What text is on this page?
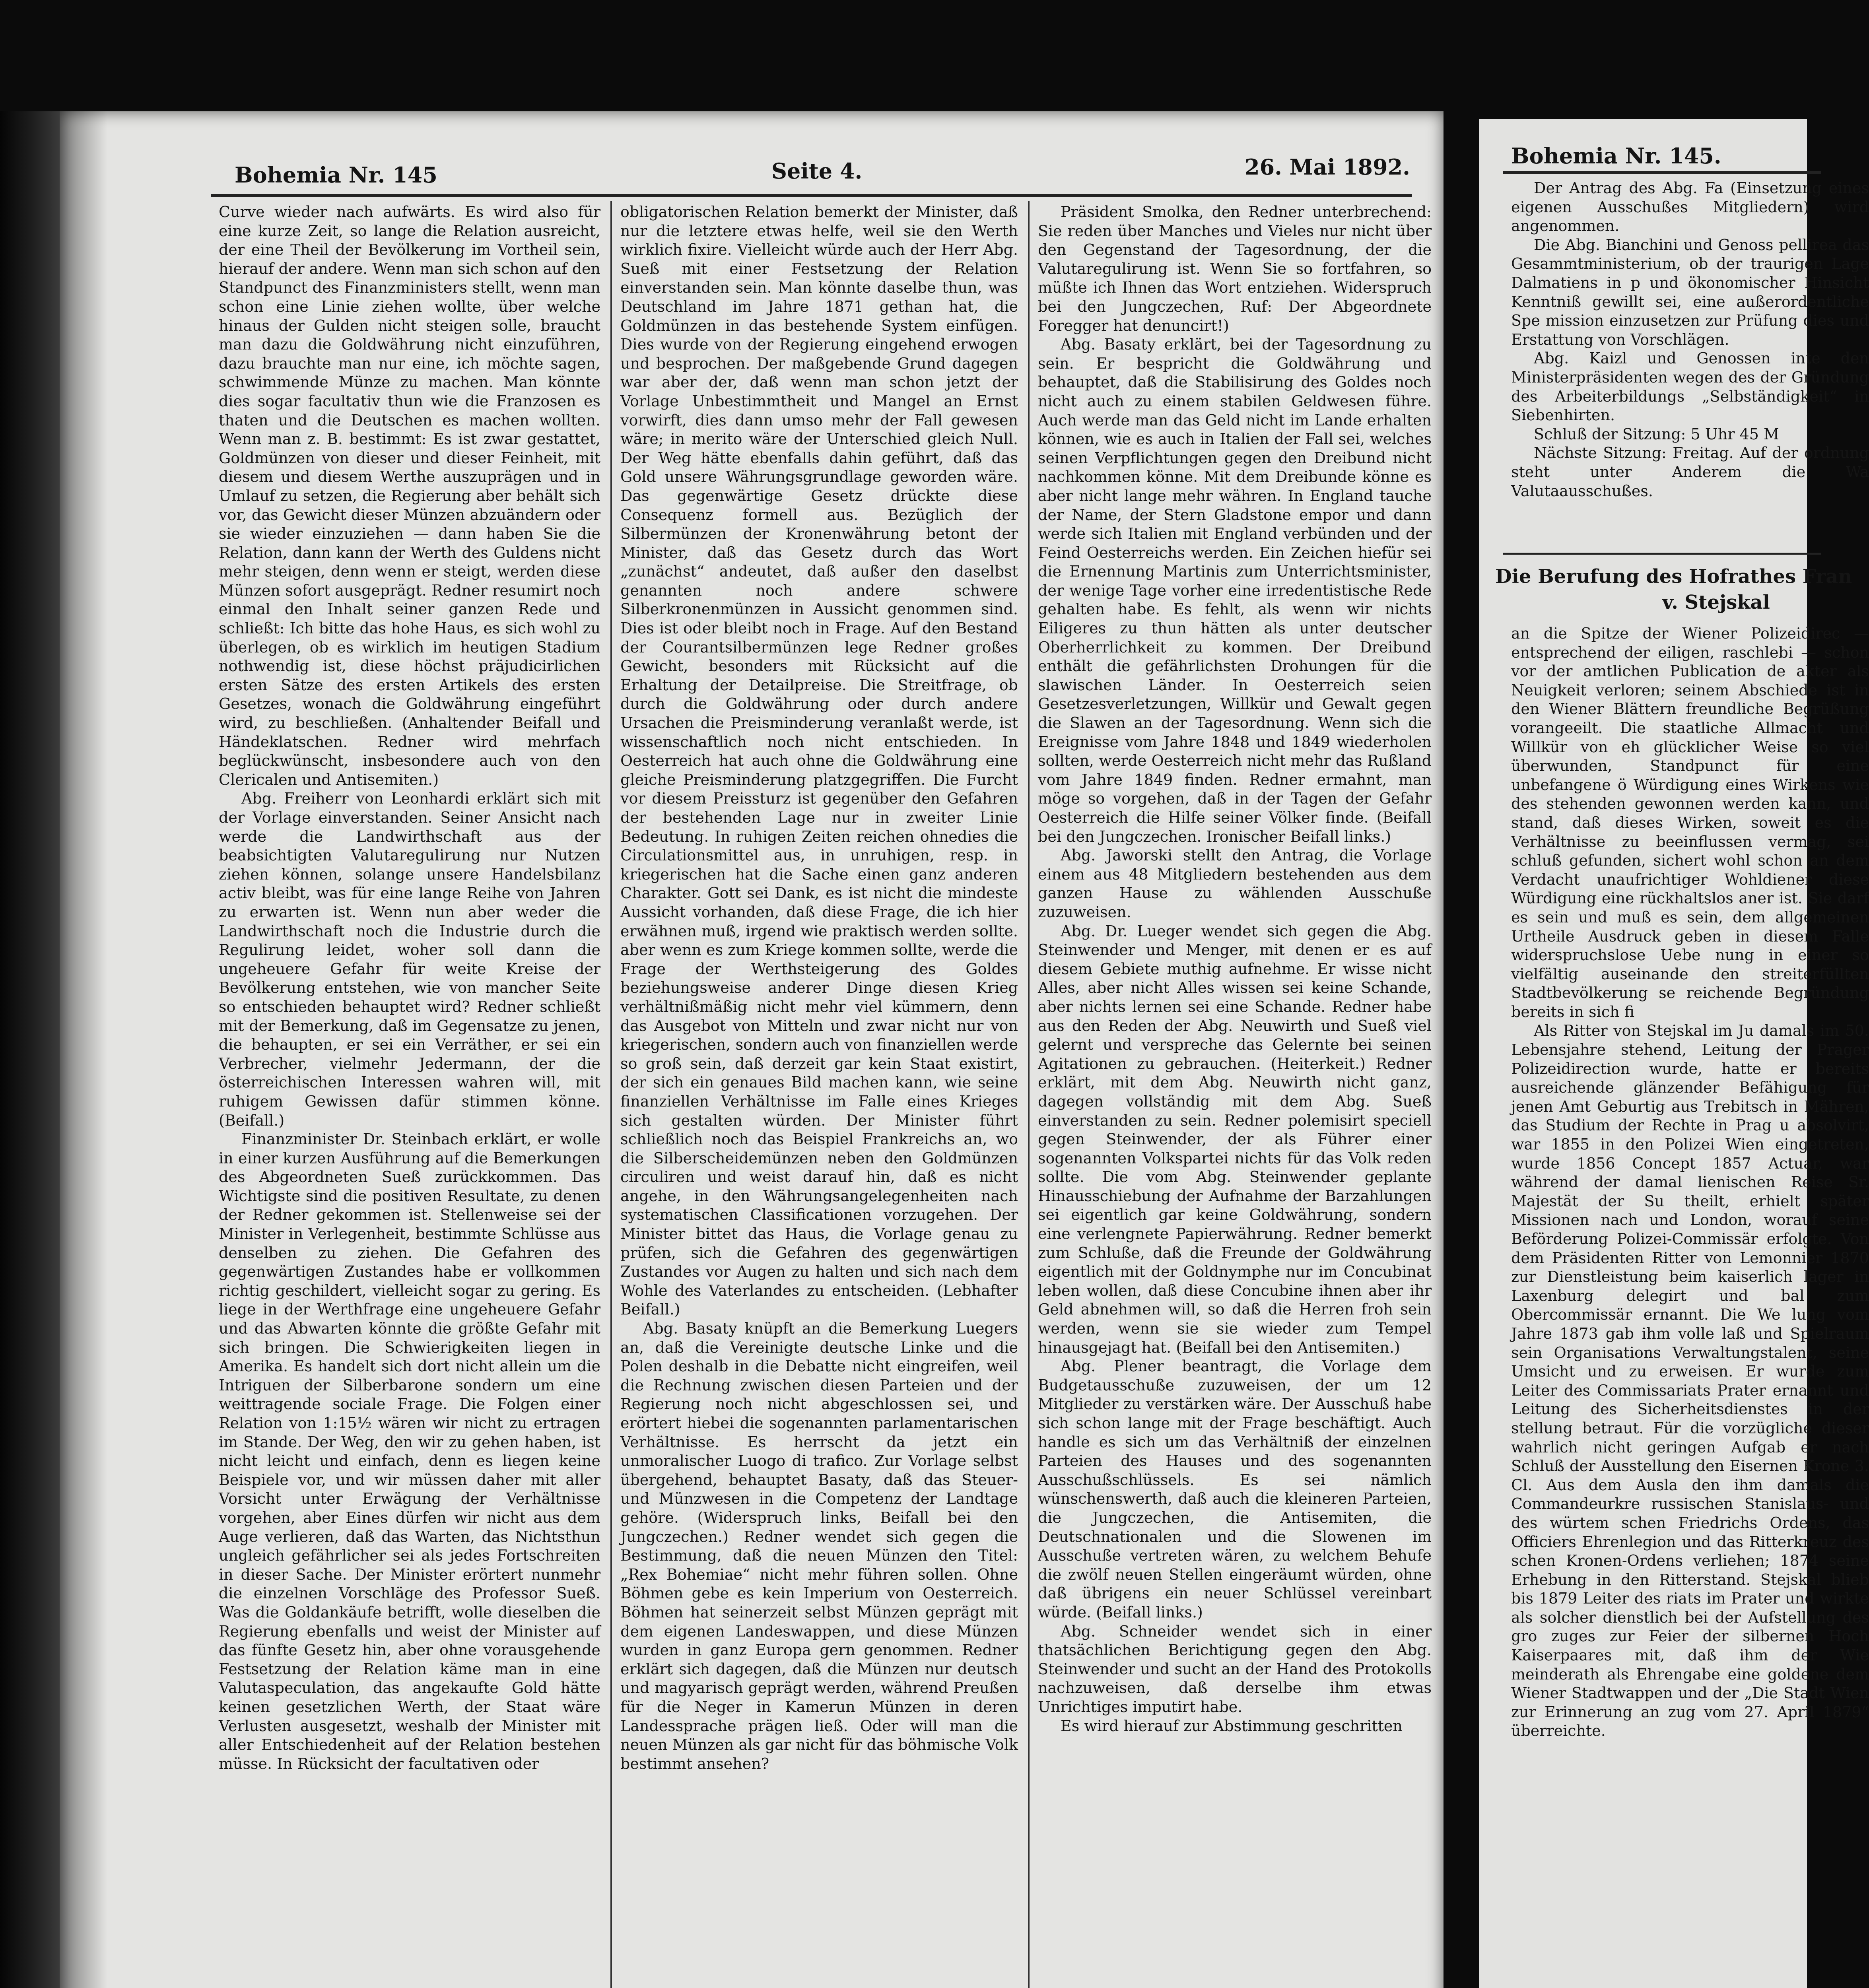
Bohemia Nr. 145	Seite 4.	26. Mai 1892.

Curve wieder nach aufwärts. Es wird also für eine kurze Zeit, so lange die Relation ausreicht, der eine Theil der Bevölkerung im Vortheil sein, hierauf der andere. Wenn man sich schon auf den Standpunct des Finanzministers stellt, wenn man schon eine Linie ziehen wollte, über welche hinaus der Gulden nicht steigen solle, braucht man dazu die Goldwährung nicht einzuführen, dazu brauchte man nur eine, ich möchte sagen, schwimmende Münze zu machen. Man könnte dies sogar facultativ thun wie die Franzosen es thaten und die Deutschen es machen wollten. Wenn man z. B. bestimmt: Es ist zwar gestattet, Goldmünzen von dieser und dieser Feinheit, mit diesem und diesem Werthe auszuprägen und in Umlauf zu setzen, die Regierung aber behält sich vor, das Gewicht dieser Münzen abzuändern oder sie wieder einzuziehen — dann haben Sie die Relation, dann kann der Werth des Guldens nicht mehr steigen, denn wenn er steigt, werden diese Münzen sofort ausgeprägt. Redner resumirt noch einmal den Inhalt seiner ganzen Rede und schließt: Ich bitte das hohe Haus, es sich wohl zu überlegen, ob es wirklich im heutigen Stadium nothwendig ist, diese höchst präjudicirlichen ersten Sätze des ersten Artikels des ersten Gesetzes, wonach die Goldwährung eingeführt wird, zu beschließen. (Anhaltender Beifall und Händeklatschen. Redner wird mehrfach beglückwünscht, insbesondere auch von den Clericalen und Antisemiten.)

Abg. Freiherr von Leonhardi erklärt sich mit der Vorlage einverstanden. Seiner Ansicht nach werde die Landwirthschaft aus der beabsichtigten Valutaregulirung nur Nutzen ziehen können, solange unsere Handelsbilanz activ bleibt, was für eine lange Reihe von Jahren zu erwarten ist. Wenn nun aber weder die Landwirthschaft noch die Industrie durch die Regulirung leidet, woher soll dann die ungeheuere Gefahr für weite Kreise der Bevölkerung entstehen, wie von mancher Seite so entschieden behauptet wird? Redner schließt mit der Bemerkung, daß im Gegensatze zu jenen, die behaupten, er sei ein Verräther, er sei ein Verbrecher, vielmehr Jedermann, der die österreichischen Interessen wahren will, mit ruhigem Gewissen dafür stimmen könne. (Beifall.)

Finanzminister Dr. Steinbach erklärt, er wolle in einer kurzen Ausführung auf die Bemerkungen des Abgeordneten Sueß zurückkommen. Das Wichtigste sind die positiven Resultate, zu denen der Redner gekommen ist. Stellenweise sei der Minister in Verlegenheit, bestimmte Schlüsse aus denselben zu ziehen. Die Gefahren des gegenwärtigen Zustandes habe er vollkommen richtig geschildert, vielleicht sogar zu gering. Es liege in der Werthfrage eine ungeheuere Gefahr und das Abwarten könnte die größte Gefahr mit sich bringen. Die Schwierigkeiten liegen in Amerika. Es handelt sich dort nicht allein um die Intriguen der Silberbarone sondern um eine weittragende sociale Frage. Die Folgen einer Relation von 1:15½ wären wir nicht zu ertragen im Stande. Der Weg, den wir zu gehen haben, ist nicht leicht und einfach, denn es liegen keine Beispiele vor, und wir müssen daher mit aller Vorsicht unter Erwägung der Verhältnisse vorgehen, aber Eines dürfen wir nicht aus dem Auge verlieren, daß das Warten, das Nichtsthun ungleich gefährlicher sei als jedes Fortschreiten in dieser Sache. Der Minister erörtert nunmehr die einzelnen Vorschläge des Professor Sueß. Was die Goldankäufe betrifft, wolle dieselben die Regierung ebenfalls und weist der Minister auf das fünfte Gesetz hin, aber ohne vorausgehende Festsetzung der Relation käme man in eine Valutaspeculation, das angekaufte Gold hätte keinen gesetzlichen Werth, der Staat wäre Verlusten ausgesetzt, weshalb der Minister mit aller Entschiedenheit auf der Relation bestehen müsse. In Rücksicht der facultativen oder

obligatorischen Relation bemerkt der Minister, daß nur die letztere etwas helfe, weil sie den Werth wirklich fixire. Vielleicht würde auch der Herr Abg. Sueß mit einer Festsetzung der Relation einverstanden sein. Man könnte daselbe thun, was Deutschland im Jahre 1871 gethan hat, die Goldmünzen in das bestehende System einfügen. Dies wurde von der Regierung eingehend erwogen und besprochen. Der maßgebende Grund dagegen war aber der, daß wenn man schon jetzt der Vorlage Unbestimmtheit und Mangel an Ernst vorwirft, dies dann umso mehr der Fall gewesen wäre; in merito wäre der Unterschied gleich Null. Der Weg hätte ebenfalls dahin geführt, daß das Gold unsere Währungsgrundlage geworden wäre. Das gegenwärtige Gesetz drückte diese Consequenz formell aus. Bezüglich der Silbermünzen der Kronenwährung betont der Minister, daß das Gesetz durch das Wort „zunächst“ andeutet, daß außer den daselbst genannten noch andere schwere Silberkronenmünzen in Aussicht genommen sind. Dies ist oder bleibt noch in Frage. Auf den Bestand der Courantsilbermünzen lege Redner großes Gewicht, besonders mit Rücksicht auf die Erhaltung der Detailpreise. Die Streitfrage, ob durch die Goldwährung oder durch andere Ursachen die Preisminderung veranlaßt werde, ist wissenschaftlich noch nicht entschieden. In Oesterreich hat auch ohne die Goldwährung eine gleiche Preisminderung platzgegriffen. Die Furcht vor diesem Preissturz ist gegenüber den Gefahren der bestehenden Lage nur in zweiter Linie Bedeutung. In ruhigen Zeiten reichen ohnedies die Circulationsmittel aus, in unruhigen, resp. in kriegerischen hat die Sache einen ganz anderen Charakter. Gott sei Dank, es ist nicht die mindeste Aussicht vorhanden, daß diese Frage, die ich hier erwähnen muß, irgend wie praktisch werden sollte. aber wenn es zum Kriege kommen sollte, werde die Frage der Werthsteigerung des Goldes beziehungsweise anderer Dinge diesen Krieg verhältnißmäßig nicht mehr viel kümmern, denn das Ausgebot von Mitteln und zwar nicht nur von kriegerischen, sondern auch von finanziellen werde so groß sein, daß derzeit gar kein Staat existirt, der sich ein genaues Bild machen kann, wie seine finanziellen Verhältnisse im Falle eines Krieges sich gestalten würden. Der Minister führt schließlich noch das Beispiel Frankreichs an, wo die Silberscheidemünzen neben den Goldmünzen circuliren und weist darauf hin, daß es nicht angehe, in den Währungsangelegenheiten nach systematischen Classificationen vorzugehen. Der Minister bittet das Haus, die Vorlage genau zu prüfen, sich die Gefahren des gegenwärtigen Zustandes vor Augen zu halten und sich nach dem Wohle des Vaterlandes zu entscheiden. (Lebhafter Beifall.)

Abg. Basaty knüpft an die Bemerkung Luegers an, daß die Vereinigte deutsche Linke und die Polen deshalb in die Debatte nicht eingreifen, weil die Rechnung zwischen diesen Parteien und der Regierung noch nicht abgeschlossen sei, und erörtert hiebei die sogenannten parlamentarischen Verhältnisse. Es herrscht da jetzt ein unmoralischer Luogo di trafico. Zur Vorlage selbst übergehend, behauptet Basaty, daß das Steuer- und Münzwesen in die Competenz der Landtage gehöre. (Widerspruch links, Beifall bei den Jungczechen.) Redner wendet sich gegen die Bestimmung, daß die neuen Münzen den Titel: „Rex Bohemiae“ nicht mehr führen sollen. Ohne Böhmen gebe es kein Imperium von Oesterreich. Böhmen hat seinerzeit selbst Münzen geprägt mit dem eigenen Landeswappen, und diese Münzen wurden in ganz Europa gern genommen. Redner erklärt sich dagegen, daß die Münzen nur deutsch und magyarisch geprägt werden, während Preußen für die Neger in Kamerun Münzen in deren Landessprache prägen ließ. Oder will man die neuen Münzen als gar nicht für das böhmische Volk bestimmt ansehen?

Präsident Smolka, den Redner unterbrechend: Sie reden über Manches und Vieles nur nicht über den Gegenstand der Tagesordnung, der die Valutaregulirung ist. Wenn Sie so fortfahren, so müßte ich Ihnen das Wort entziehen. Widerspruch bei den Jungczechen, Ruf: Der Abgeordnete Foregger hat denuncirt!)

Abg. Basaty erklärt, bei der Tagesordnung zu sein. Er bespricht die Goldwährung und behauptet, daß die Stabilisirung des Goldes noch nicht auch zu einem stabilen Geldwesen führe. Auch werde man das Geld nicht im Lande erhalten können, wie es auch in Italien der Fall sei, welches seinen Verpflichtungen gegen den Dreibund nicht nachkommen könne. Mit dem Dreibunde könne es aber nicht lange mehr währen. In England tauche der Name, der Stern Gladstone empor und dann werde sich Italien mit England verbünden und der Feind Oesterreichs werden. Ein Zeichen hiefür sei die Ernennung Martinis zum Unterrichtsminister, der wenige Tage vorher eine irredentistische Rede gehalten habe. Es fehlt, als wenn wir nichts Eiligeres zu thun hätten als unter deutscher Oberherrlichkeit zu kommen. Der Dreibund enthält die gefährlichsten Drohungen für die slawischen Länder. In Oesterreich seien Gesetzesverletzungen, Willkür und Gewalt gegen die Slawen an der Tagesordnung. Wenn sich die Ereignisse vom Jahre 1848 und 1849 wiederholen sollten, werde Oesterreich nicht mehr das Rußland vom Jahre 1849 finden. Redner ermahnt, man möge so vorgehen, daß in der Tagen der Gefahr Oesterreich die Hilfe seiner Völker finde. (Beifall bei den Jungczechen. Ironischer Beifall links.)

Abg. Jaworski stellt den Antrag, die Vorlage einem aus 48 Mitgliedern bestehenden aus dem ganzen Hause zu wählenden Ausschuße zuzuweisen.

Abg. Dr. Lueger wendet sich gegen die Abg. Steinwender und Menger, mit denen er es auf diesem Gebiete muthig aufnehme. Er wisse nicht Alles, aber nicht Alles wissen sei keine Schande, aber nichts lernen sei eine Schande. Redner habe aus den Reden der Abg. Neuwirth und Sueß viel gelernt und verspreche das Gelernte bei seinen Agitationen zu gebrauchen. (Heiterkeit.) Redner erklärt, mit dem Abg. Neuwirth nicht ganz, dagegen vollständig mit dem Abg. Sueß einverstanden zu sein. Redner polemisirt speciell gegen Steinwender, der als Führer einer sogenannten Volkspartei nichts für das Volk reden sollte. Die vom Abg. Steinwender geplante Hinausschiebung der Aufnahme der Barzahlungen sei eigentlich gar keine Goldwährung, sondern eine verlengnete Papierwährung. Redner bemerkt zum Schluße, daß die Freunde der Goldwährung eigentlich mit der Goldnymphe nur im Concubinat leben wollen, daß diese Concubine ihnen aber ihr Geld abnehmen will, so daß die Herren froh sein werden, wenn sie sie wieder zum Tempel hinausgejagt hat. (Beifall bei den Antisemiten.)

Abg. Plener beantragt, die Vorlage dem Budgetausschuße zuzuweisen, der um 12 Mitglieder zu verstärken wäre. Der Ausschuß habe sich schon lange mit der Frage beschäftigt. Auch handle es sich um das Verhältniß der einzelnen Parteien des Hauses und des sogenannten Ausschußschlüssels. Es sei nämlich wünschenswerth, daß auch die kleineren Parteien, die Jungczechen, die Antisemiten, die Deutschnationalen und die Slowenen im Ausschuße vertreten wären, zu welchem Behufe die zwölf neuen Stellen eingeräumt würden, ohne daß übrigens ein neuer Schlüssel vereinbart würde. (Beifall links.)

Abg. Schneider wendet sich in einer thatsächlichen Berichtigung gegen den Abg. Steinwender und sucht an der Hand des Protokolls nachzuweisen, daß derselbe ihm etwas Unrichtiges imputirt habe.

Es wird hierauf zur Abstimmung geschritten

Bohemia Nr. 145.

Der Antrag des Abg. Fa (Einsetzung eines eigenen Ausschußes Mitgliedern) wird angenommen.

Die Abg. Bianchini und Genoss pellirea das Gesammtministerium, ob der traurigen Lage Dalmatiens in p und ökonomischer Hinsicht Kenntniß gewillt sei, eine außerordentliche Spe mission einzusetzen zur Prüfung dies und Erstattung von Vorschlägen.

Abg. Kaizl und Genossen inte den Ministerpräsidenten wegen des der Gründung des Arbeiterbildungs „Selbständigkeit“ in Siebenhirten.

Schluß der Sitzung: 5 Uhr 45 M

Nächste Sitzung: Freitag. Auf der ordnung steht unter Anderem die Wa Valutaausschußes.

Die Berufung des Hofrathes Fran
v. Stejskal

an die Spitze der Wiener Polizeidirec — entsprechend der eiligen, raschlebi — schon vor der amtlichen Publication de akter als Neuigkeit verloren; seinem Abschiede ist in den Wiener Blättern freundliche Begrüßung vorangeeilt. Die staatliche Allmacht und Willkür von eh glücklicher Weise so viel überwunden, Standpunct für eine unbefangene ö Würdigung eines Wirkens wie des stehenden gewonnen werden kann, und stand, daß dieses Wirken, soweit es die Verhältnisse zu beeinflussen vermag, sei schluß gefunden, sichert wohl schon an dem Verdacht unaufrichtiger Wohldiener diese Würdigung eine rückhaltslos aner ist. Sie darf es sein und muß es sein, dem allgemeinen Urtheile Ausdruck geben in diesem Falle widerspruchslose Uebe nung in einer so vielfältig auseinande den streiterfüllten Stadtbevölkerung se reichende Begründung bereits in sich fi

Als Ritter von Stejskal im Ju damals im 50. Lebensjahre stehend, Leitung der Prager Polizeidirection wurde, hatte er bereits ausreichende glänzender Befähigung für jenen Amt Geburtig aus Trebitsch in Mähren, das Studium der Rechte in Prag u absolvirt, war 1855 in den Polizei Wien eingetreten, wurde 1856 Concept 1857 Actuar, war während der damal lienischen Reise Sr. Majestät der Su theilt, erhielt später Missionen nach und London, worauf seine Beförderung Polizei-Commissär erfolgte. Von dem Präsidenten Ritter von Lemonnier 1870 zur Dienstleistung beim kaiserlich lager in Laxenburg delegirt und bal zum Obercommissär ernannt. Die We lung vom Jahre 1873 gab ihm volle laß und Spielraum sein Organisations Verwaltungstalent, seine Umsicht und zu erweisen. Er wurde zum Leiter des Commissariats Prater ernannt und Leitung des Sicherheitsdienstes in der stellung betraut. Für die vorzügliche dieser wahrlich nicht geringen Aufgab er nach Schluß der Ausstellung den Eisernen Krone 3. Cl. Aus dem Ausla den ihm damals die Commandeurkre russischen Stanislaus- und des würtem schen Friedrichs Ordens, das Officiers Ehrenlegion und das Ritterkreuz des schen Kronen-Ordens verliehen; 1874 seine Erhebung in den Ritterstand. Stejskal blieb bis 1879 Leiter des riats im Prater und wirkte als solcher dienstlich bei der Aufstellung des gro zuges zur Feier der silbernen Hoch Kaiserpaares mit, daß ihm der Wie meinderath als Ehrengabe eine goldene dem Wiener Stadtwappen und der „Die Stadt Wien zur Erinnerung an zug vom 27. April 1879“ überreichte.
